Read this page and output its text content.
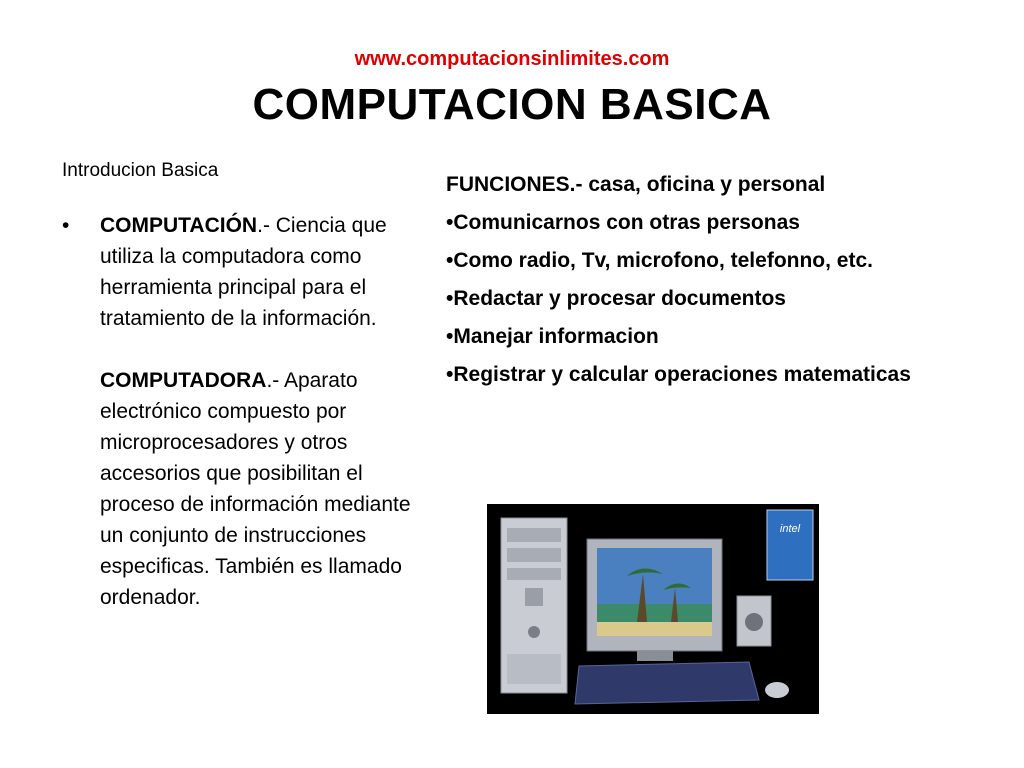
www.computacionsinlimites.com
COMPUTACION BASICA
Introducion Basica
•	COMPUTACIÓN.- Ciencia que utiliza la computadora como herramienta principal para el tratamiento de la información.
COMPUTADORA.- Aparato electrónico compuesto por microprocesadores y otros accesorios que posibilitan el proceso de información mediante un conjunto de instrucciones especificas. También es llamado ordenador.
FUNCIONES.- casa, oficina y personal
•Comunicarnos con otras personas
•Como radio, Tv, microfono, telefonno, etc.
•Redactar y procesar documentos
•Manejar informacion
•Registrar y calcular operaciones matematicas
intel
